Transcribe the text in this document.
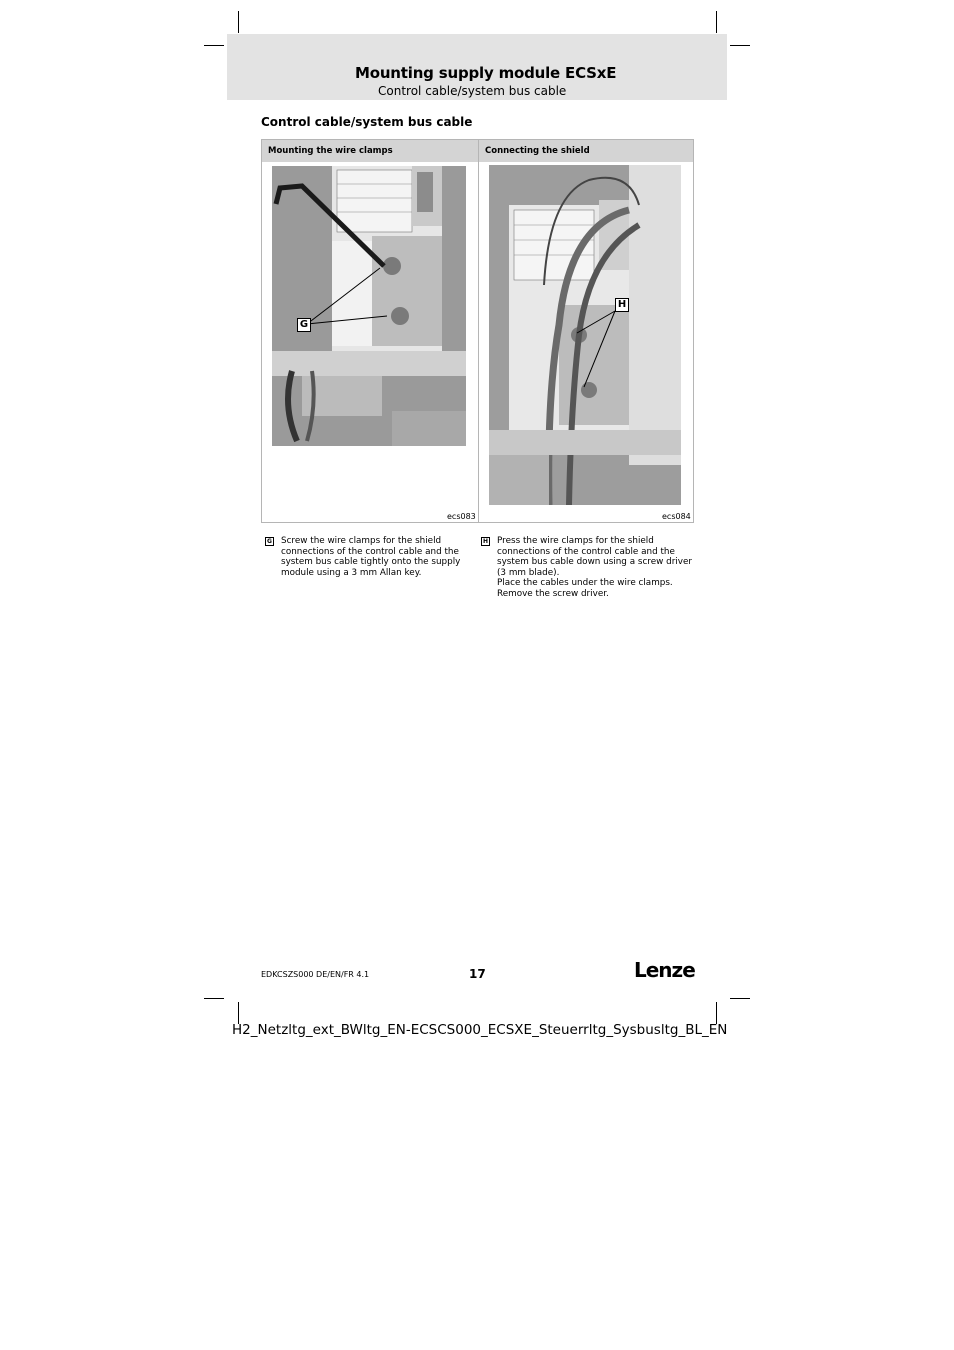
Mounting supply module ECSxE
Control cable/system bus cable
Control cable/system bus cable
Mounting the wire clamps	Connecting the shield
G
H
ecs083	ecs084
G Screw the wire clamps for the shield
connections of the control cable and the
system bus cable tightly onto the supply
module using a 3 mm Allan key.
H Press the wire clamps for the shield
connections of the control cable and the
system bus cable down using a screw driver
(3 mm blade).
Place the cables under the wire clamps.
Remove the screw driver.
EDKCSZS000 DE/EN/FR 4.1	17	Lenze
H2_Netzltg_ext_BWltg_EN-ECSCS000_ECSXE_Steuerrltg_Sysbusltg_BL_EN
